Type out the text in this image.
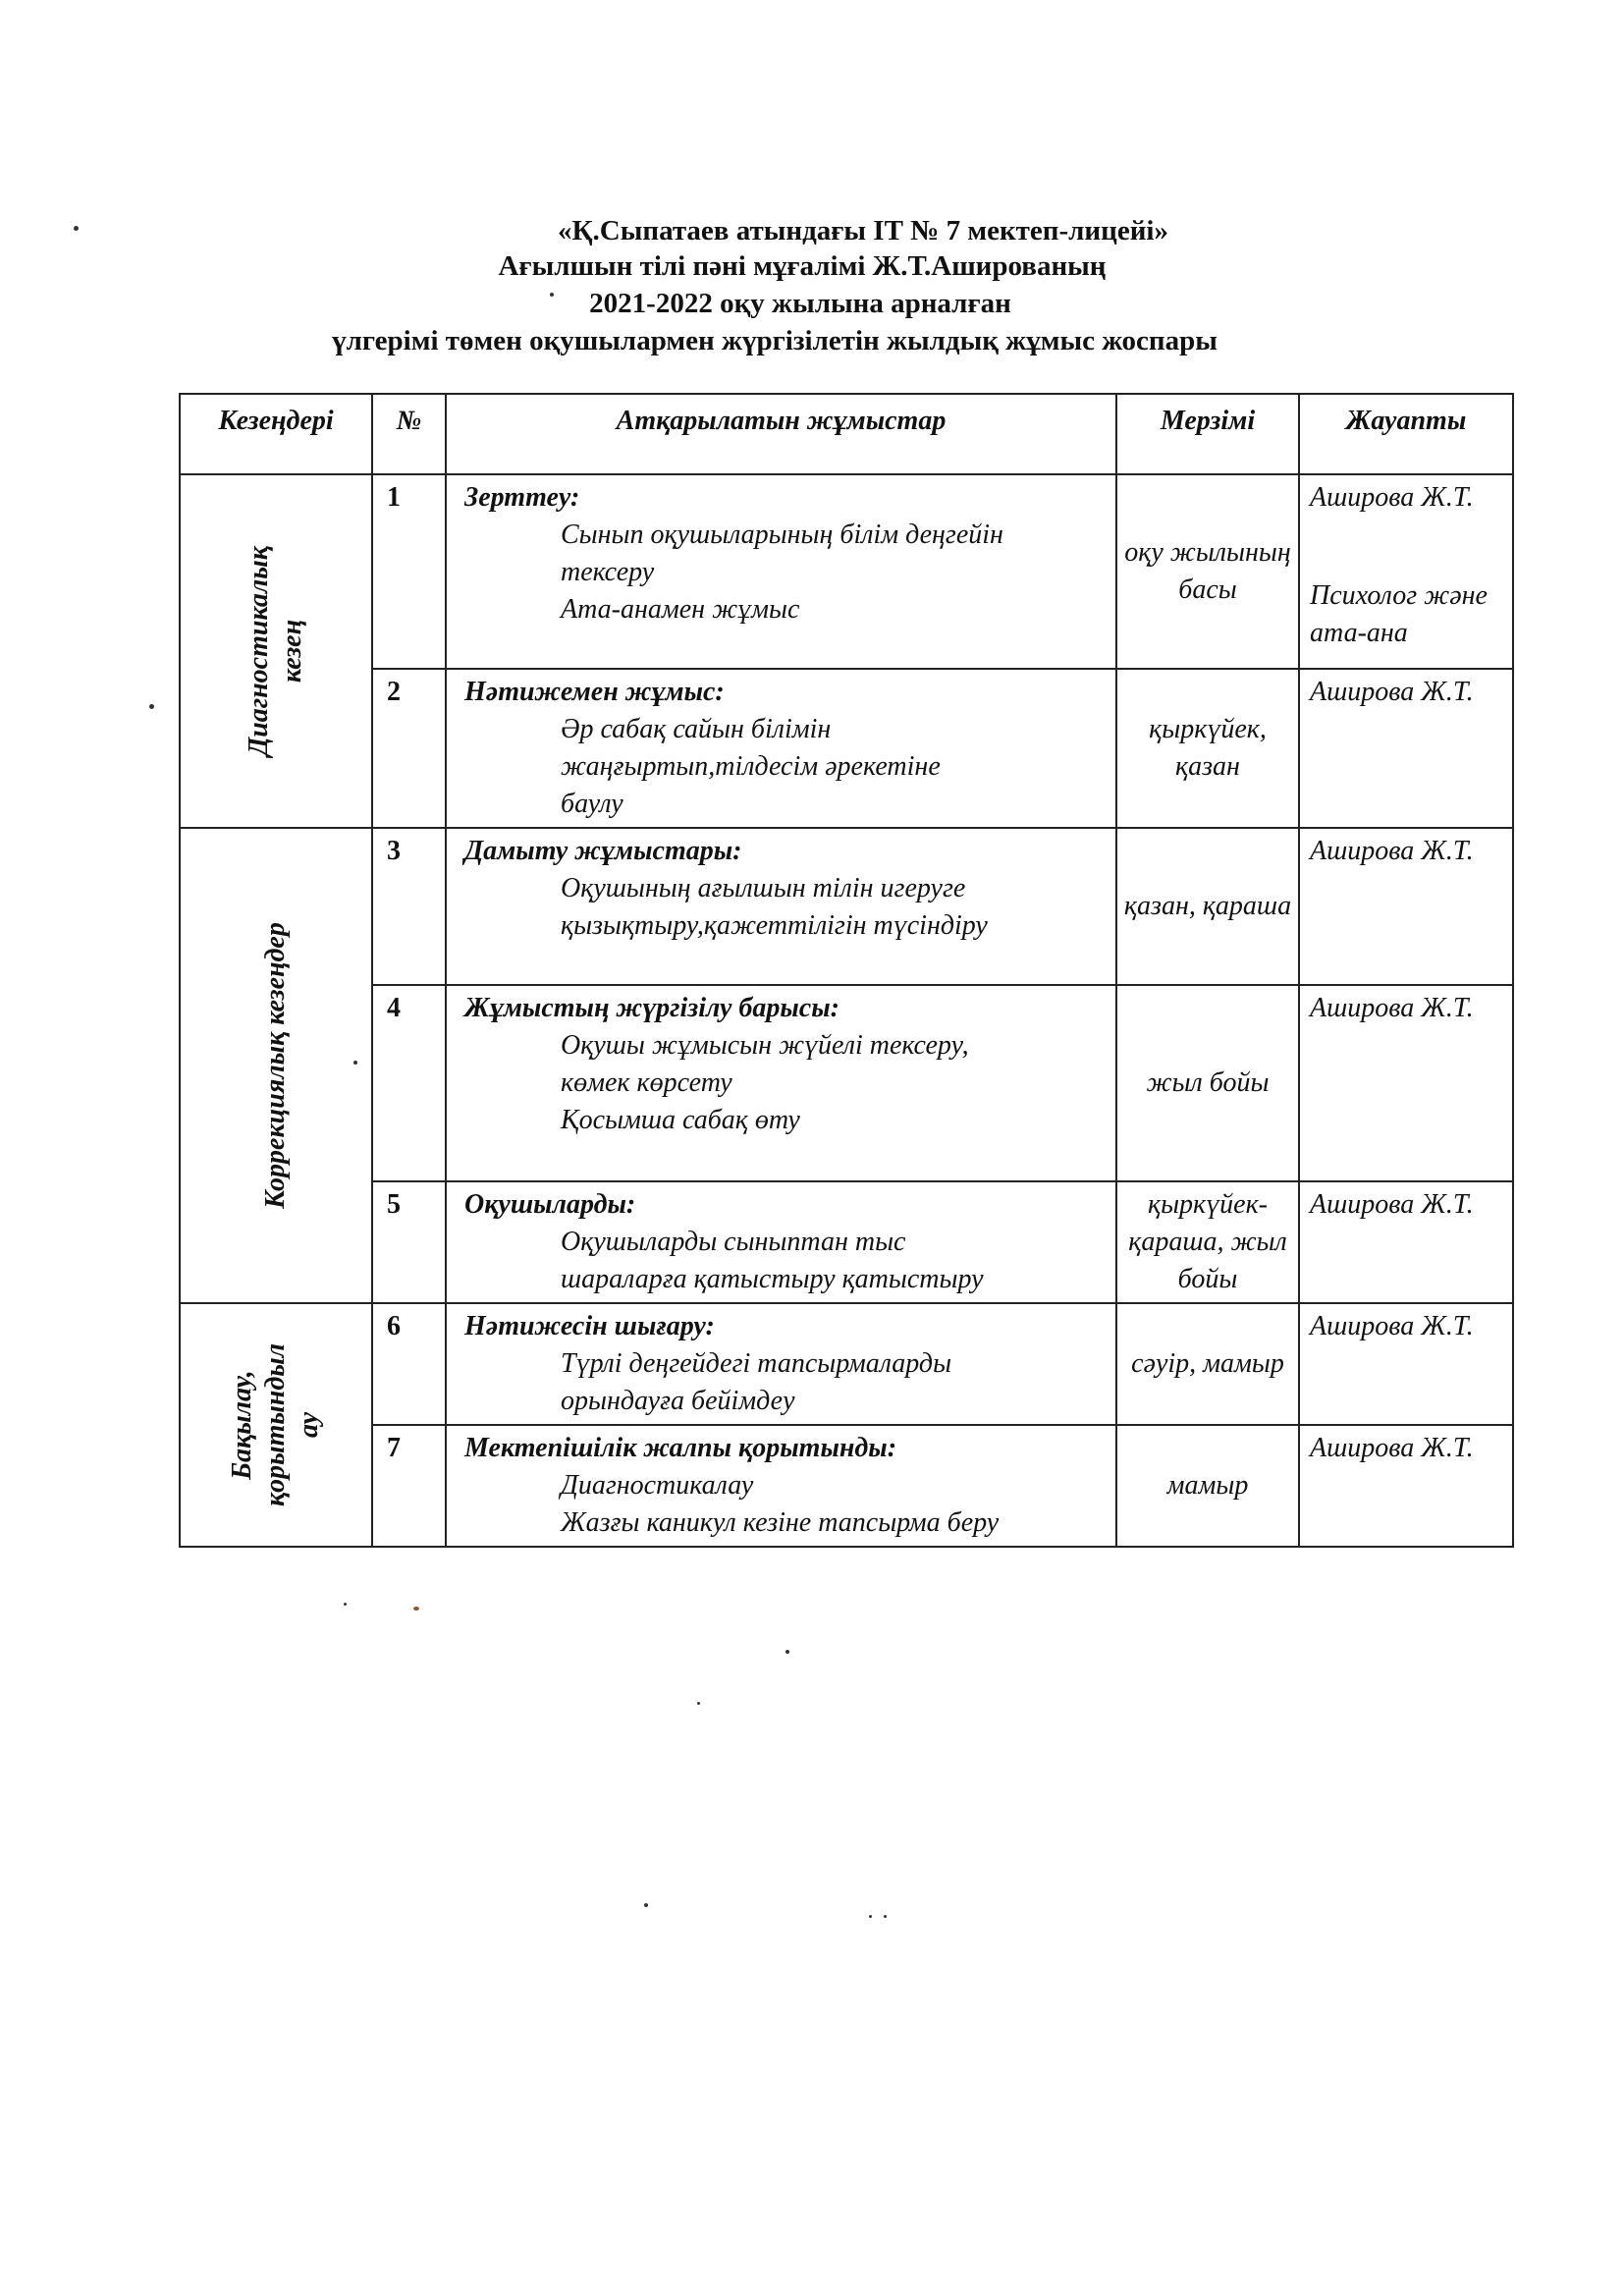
«Қ.Сыпатаев атындағы ІТ № 7 мектеп-лицейі»
Ағылшын тілі пәні мұғалімі Ж.Т.Ашированың
2021-2022 оқу жылына арналған
үлгерімі төмен оқушылармен жүргізілетін жылдық жұмыс жоспары
Кезеңдері	№	Атқарылатын жұмыстар	Мерзімі	Жауапты

Диагностикалық кезең	1	Зерттеу:
Сынып оқушыларының білім деңгейін
тексеру
Ата-анамен жұмыс	оқу жылының басы	Аширова Ж.Т.
Психолог және ата-ана

	2	Нәтижемен жұмыс:
Әр сабақ сайын білімін
жаңғыртып,тілдесім әрекетіне
баулу	қыркүйек, қазан	Аширова Ж.Т.

Коррекциялық кезеңдер	3	Дамыту жұмыстары:
Оқушының ағылшын тілін игеруге
қызықтыру,қажеттілігін түсіндіру	қазан, қараша	Аширова Ж.Т.

	4	Жұмыстың жүргізілу барысы:
Оқушы жұмысын жүйелі тексеру,
көмек көрсету
Қосымша сабақ өту	жыл бойы	Аширова Ж.Т.

	5	Оқушыларды:
Оқушыларды сыныптан тыс
шараларға қатыстыру қатыстыру	қыркүйек-қараша, жыл бойы	Аширова Ж.Т.

Бақылау, қорытындыл ау	6	Нәтижесін шығару:
Түрлі деңгейдегі тапсырмаларды
орындауға бейімдеу	сәуір, мамыр	Аширова Ж.Т.

	7	Мектепішілік жалпы қорытынды:
Диагностикалау
Жазғы каникул кезіне тапсырма беру	мамыр	Аширова Ж.Т.
